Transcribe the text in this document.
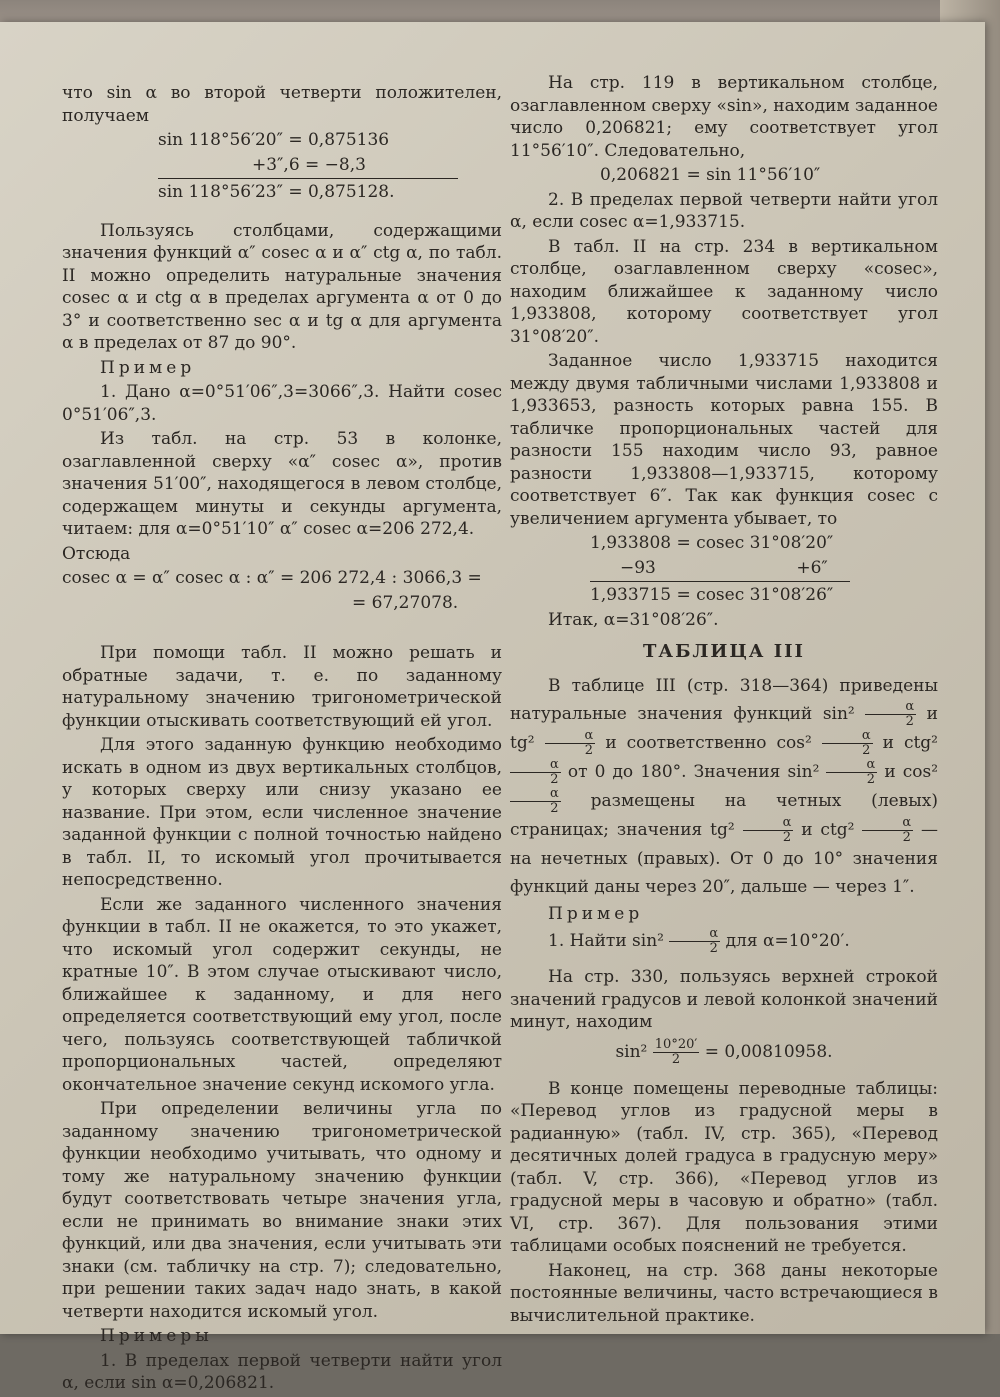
что sin α во второй четверти положителен, получаем

sin 118°56′20″ = 0,875136
+3″,6 = −8,3
sin 118°56′23″ = 0,875128.

Пользуясь столбцами, содержащими значения функций α″ cosec α и α″ ctg α, по табл. II можно определить натуральные значения cosec α и ctg α в пределах аргумента α от 0 до 3° и соответственно sec α и tg α для аргумента α в пределах от 87 до 90°.

Пример

1. Дано α=0°51′06″,3=3066″,3. Найти cosec 0°51′06″,3.

Из табл. на стр. 53 в колонке, озаглавленной сверху «α″ cosec α», против значения 51′00″, находящегося в левом столбце, содержащем минуты и секунды аргумента, читаем: для α=0°51′10″ α″ cosec α=206 272,4.

Отсюда

cosec α = α″ cosec α : α″ = 206 272,4 : 3066,3 =
= 67,27078.

При помощи табл. II можно решать и обратные задачи, т. е. по заданному натуральному значению тригонометрической функции отыскивать соответствующий ей угол.

Для этого заданную функцию необходимо искать в одном из двух вертикальных столбцов, у которых сверху или снизу указано ее название. При этом, если численное значение заданной функции с полной точностью найдено в табл. II, то искомый угол прочитывается непосредственно.

Если же заданного численного значения функции в табл. II не окажется, то это укажет, что искомый угол содержит секунды, не кратные 10″. В этом случае отыскивают число, ближайшее к заданному, и для него определяется соответствующий ему угол, после чего, пользуясь соответствующей табличкой пропорциональных частей, определяют окончательное значение секунд искомого угла.

При определении величины угла по заданному значению тригонометрической функции необходимо учитывать, что одному и тому же натуральному значению функции будут соответствовать четыре значения угла, если не принимать во внимание знаки этих функций, или два значения, если учитывать эти знаки (см. табличку на стр. 7); следовательно, при решении таких задач надо знать, в какой четверти находится искомый угол.

Примеры

1. В пределах первой четверти найти угол α, если sin α=0,206821.

На стр. 119 в вертикальном столбце, озаглавленном сверху «sin», находим заданное число 0,206821; ему соответствует угол 11°56′10″. Следовательно,

0,206821 = sin 11°56′10″

2. В пределах первой четверти найти угол α, если cosec α=1,933715.

В табл. II на стр. 234 в вертикальном столбце, озаглавленном сверху «cosec», находим ближайшее к заданному число 1,933808, которому соответствует угол 31°08′20″.

Заданное число 1,933715 находится между двумя табличными числами 1,933808 и 1,933653, разность которых равна 155. В табличке пропорциональных частей для разности 155 находим число 93, равное разности 1,933808—1,933715, которому соответствует 6″. Так как функция cosec с увеличением аргумента убывает, то

1,933808 = cosec 31°08′20″
−93                          +6″
1,933715 = cosec 31°08′26″

Итак, α=31°08′26″.

ТАБЛИЦА III

В таблице III (стр. 318—364) приведены натуральные значения функций $\sin^2 \frac{\alpha}{2}$ и $tg^2 \frac{\alpha}{2}$ и соответственно $\cos^2 \frac{\alpha}{2}$ и ctg²
$\frac{\alpha}{2}$ от 0 до 180°. Значения $\sin^2 \frac{\alpha}{2}$ и cos²
$\frac{\alpha}{2}$ размещены на четных (левых) страницах; значения $tg^2 \frac{\alpha}{2}$ и $ctg^2 \frac{\alpha}{2}$ — на нечетных (правых). От 0 до 10° значения функций даны через 20″, дальше — через 1″.

Пример

1. Найти $\sin^2 \frac{\alpha}{2}$ для α=10°20′.

На стр. 330, пользуясь верхней строкой значений градусов и левой колонкой значений минут, находим

$\sin^2 \frac{10^\circ 20'}{2} = 0,00810958$.

В конце помещены переводные таблицы: «Перевод углов из градусной меры в радианную» (табл. IV, стр. 365), «Перевод десятичных долей градуса в градусную меру» (табл. V, стр. 366), «Перевод углов из градусной меры в часовую и обратно» (табл. VI, стр. 367). Для пользования этими таблицами особых пояснений не требуется.

Наконец, на стр. 368 даны некоторые постоянные величины, часто встречающиеся в вычислительной практике.
